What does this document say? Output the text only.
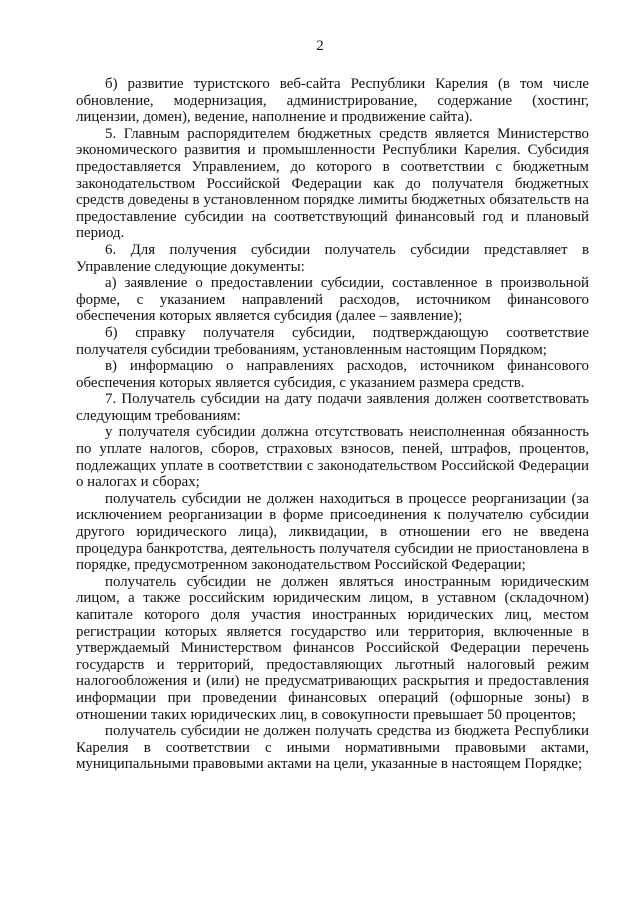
2

б) развитие туристского веб-сайта Республики Карелия (в том числе обновление, модернизация, администрирование, содержание (хостинг, лицензии, домен), ведение, наполнение и продвижение сайта).

5. Главным распорядителем бюджетных средств является Министерство экономического развития и промышленности Республики Карелия. Субсидия предоставляется Управлением, до которого в соответствии с бюджетным законодательством Российской Федерации как до получателя бюджетных средств доведены в установленном порядке лимиты бюджетных обязательств на предоставление субсидии на соответствующий финансовый год и плановый период.

6. Для получения субсидии получатель субсидии представляет в Управление следующие документы:

а) заявление о предоставлении субсидии, составленное в произвольной форме, с указанием направлений расходов, источником финансового обеспечения которых является субсидия (далее – заявление);

б) справку получателя субсидии, подтверждающую соответствие получателя субсидии требованиям, установленным настоящим Порядком;

в) информацию о направлениях расходов, источником финансового обеспечения которых является субсидия, с указанием размера средств.

7. Получатель субсидии на дату подачи заявления должен соответствовать следующим требованиям:

у получателя субсидии должна отсутствовать неисполненная обязанность по уплате налогов, сборов, страховых взносов, пеней, штрафов, процентов, подлежащих уплате в соответствии с законодательством Российской Федерации о налогах и сборах;

получатель субсидии не должен находиться в процессе реорганизации (за исключением реорганизации в форме присоединения к получателю субсидии другого юридического лица), ликвидации, в отношении его не введена процедура банкротства, деятельность получателя субсидии не приостановлена в порядке, предусмотренном законодательством Российской Федерации;

получатель субсидии не должен являться иностранным юридическим лицом, а также российским юридическим лицом, в уставном (складочном) капитале которого доля участия иностранных юридических лиц, местом регистрации которых является государство или территория, включенные в утверждаемый Министерством финансов Российской Федерации перечень государств и территорий, предоставляющих льготный налоговый режим налогообложения и (или) не предусматривающих раскрытия и предоставления информации при проведении финансовых операций (офшорные зоны) в отношении таких юридических лиц, в совокупности превышает 50 процентов;

получатель субсидии не должен получать средства из бюджета Республики Карелия в соответствии с иными нормативными правовыми актами, муниципальными правовыми актами на цели, указанные в настоящем Порядке;
